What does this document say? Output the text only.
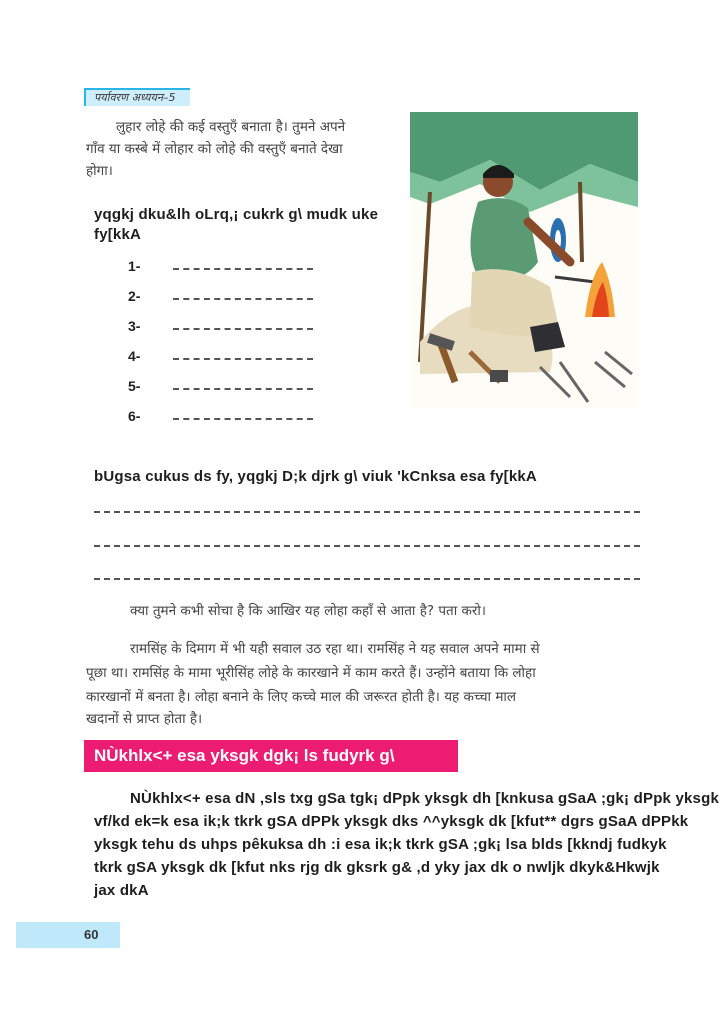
पर्यावरण अध्ययन–5
लुहार लोहे की कई वस्तुएँ बनाता है। तुमने अपने
गाँव या कस्बे में लोहार को लोहे की वस्तुएँ बनाते देखा
होगा।
yqgkj dku&lh oLrq,¡ cukrk g\ mudk uke
fy[kkA
1-
2-
3-
4-
5-
6-
bUgsa cukus ds fy, yqgkj D;k djrk g\ viuk 'kCnksa esa fy[kkA
क्या तुमने कभी सोचा है कि आखिर यह लोहा कहाँ से आता है? पता करो।
रामसिंह के दिमाग में भी यही सवाल उठ रहा था। रामसिंह ने यह सवाल अपने मामा से
पूछा था। रामसिंह के मामा भूरीसिंह लोहे के कारखाने में काम करते हैं। उन्होंने बताया कि लोहा
कारखानों में बनता है। लोहा बनाने के लिए कच्चे माल की जरूरत होती है। यह कच्चा माल
खदानों से प्राप्त होता है।
NÙkhlx<+ esa yksgk dgk¡ ls fudyrk g\
NÙkhlx<+ esa dN ,sls txg gSa tgk¡ dPpk yksgk dh [knkusa gSaA ;gk¡ dPpk yksgk
vf/kd ek=k esa ik;k tkrk gSA dPPk yksgk dks ^^yksgk dk [kfut** dgrs gSaA dPPkk
yksgk tehu ds uhps pêkuksa dh :i esa ik;k tkrk gSA ;gk¡ lsa blds [kkndj fudkyk
tkrk gSA yksgk dk [kfut nks rjg dk gksrk g& ,d yky jax dk o nwljk dkyk&Hkwjk
jax dkA
60
